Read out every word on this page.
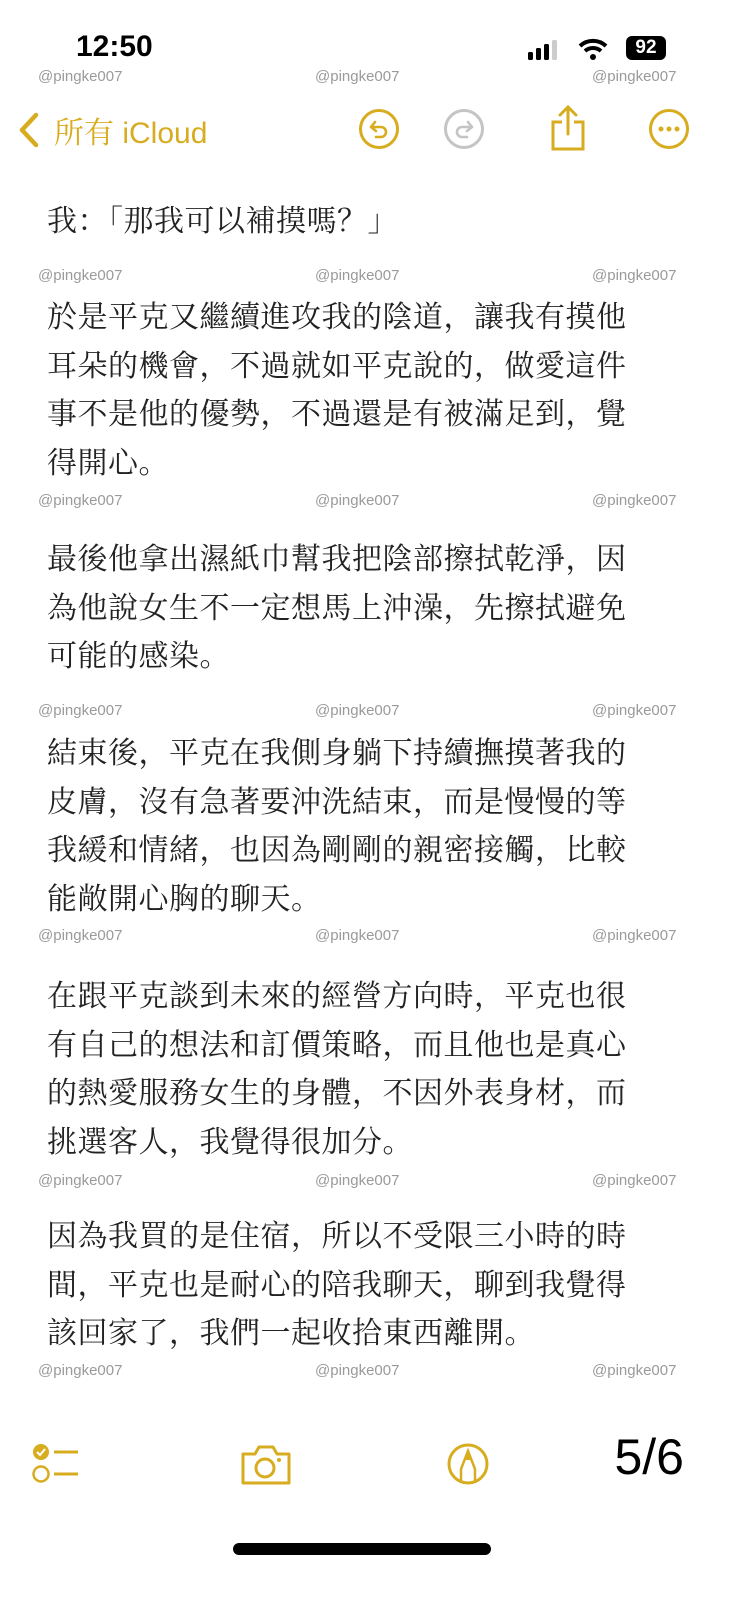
12:50	92
所有 iCloud
我：「那我可以補摸嗎？」
於是平克又繼續進攻我的陰道，讓我有摸他
耳朵的機會，不過就如平克說的，做愛這件
事不是他的優勢，不過還是有被滿足到，覺
得開心。
最後他拿出濕紙巾幫我把陰部擦拭乾淨，因
為他說女生不一定想馬上沖澡，先擦拭避免
可能的感染。
結束後，平克在我側身躺下持續撫摸著我的
皮膚，沒有急著要沖洗結束，而是慢慢的等
我緩和情緒，也因為剛剛的親密接觸，比較
能敞開心胸的聊天。
在跟平克談到未來的經營方向時，平克也很
有自己的想法和訂價策略，而且他也是真心
的熱愛服務女生的身體，不因外表身材，而
挑選客人，我覺得很加分。
因為我買的是住宿，所以不受限三小時的時
間，平克也是耐心的陪我聊天，聊到我覺得
該回家了，我們一起收拾東西離開。
@pingke007	@pingke007	@pingke007
@pingke007	@pingke007	@pingke007
@pingke007	@pingke007	@pingke007
@pingke007	@pingke007	@pingke007
@pingke007	@pingke007	@pingke007
@pingke007	@pingke007	@pingke007
@pingke007	@pingke007	@pingke007
5/6
